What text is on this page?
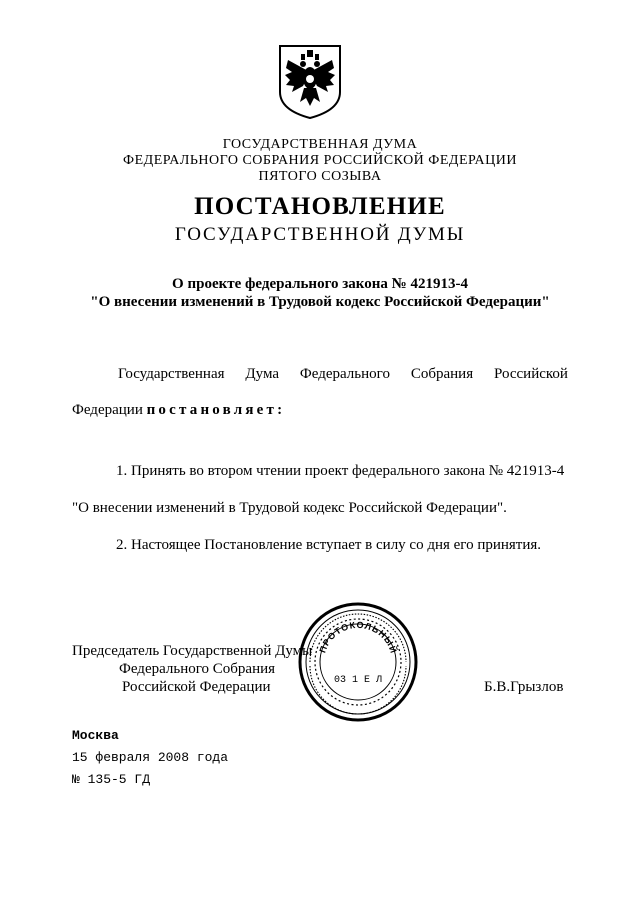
ГОСУДАРСТВЕННАЯ ДУМА
ФЕДЕРАЛЬНОГО СОБРАНИЯ РОССИЙСКОЙ ФЕДЕРАЦИИ
ПЯТОГО СОЗЫВА
ПОСТАНОВЛЕНИЕ
ГОСУДАРСТВЕННОЙ ДУМЫ
О проекте федерального закона № 421913-4
"О внесении изменений в Трудовой кодекс Российской Федерации"
Государственная Дума Федерального Собрания Российской
Федерации постановляет:
1. Принять во втором чтении проект федерального закона № 421913-4
"О внесении изменений в Трудовой кодекс Российской Федерации".
2. Настоящее Постановление вступает в силу со дня его принятия.
Председатель Государственной Думы
Федерального Собрания
Российской Федерации	Б.В.Грызлов
ПРОТОКОЛЬНЫЙ
03 1 Е Л
Москва
15 февраля 2008 года
№ 135-5 ГД
